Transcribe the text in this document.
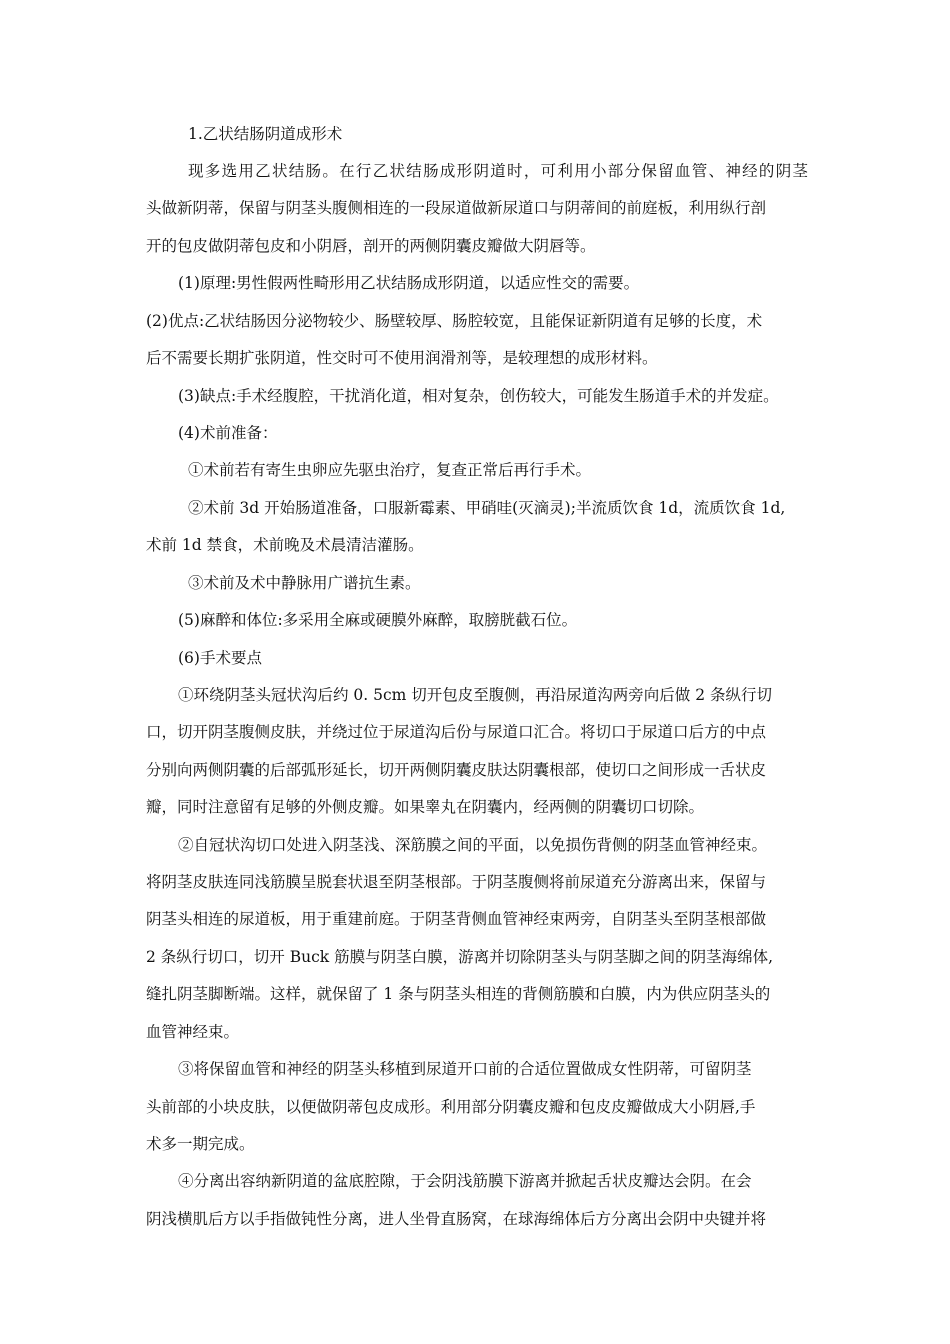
1.乙状结肠阴道成形术
现多选用乙状结肠。在行乙状结肠成形阴道时，可利用小部分保留血管、神经的阴茎
头做新阴蒂，保留与阴茎头腹侧相连的一段尿道做新尿道口与阴蒂间的前庭板，利用纵行剖
开的包皮做阴蒂包皮和小阴唇，剖开的两侧阴囊皮瓣做大阴唇等。
(1)原理:男性假两性畸形用乙状结肠成形阴道，以适应性交的需要。
(2)优点:乙状结肠因分泌物较少、肠壁较厚、肠腔较宽，且能保证新阴道有足够的长度，术
后不需要长期扩张阴道，性交时可不使用润滑剂等，是较理想的成形材料。
(3)缺点:手术经腹腔，干扰消化道，相对复杂，创伤较大，可能发生肠道手术的并发症。
(4)术前准备：
①术前若有寄生虫卵应先驱虫治疗，复查正常后再行手术。
②术前 3d 开始肠道准备，口服新霉素、甲硝哇(灭滴灵);半流质饮食 1d，流质饮食 1d,
术前 1d 禁食，术前晚及术晨清洁灌肠。
③术前及术中静脉用广谱抗生素。
(5)麻醉和体位:多采用全麻或硬膜外麻醉，取膀胱截石位。
(6)手术要点
①环绕阴茎头冠状沟后约 0. 5cm 切开包皮至腹侧，再沿尿道沟两旁向后做 2 条纵行切
口，切开阴茎腹侧皮肤，并绕过位于尿道沟后份与尿道口汇合。将切口于尿道口后方的中点
分别向两侧阴囊的后部弧形延长，切开两侧阴囊皮肤达阴囊根部，使切口之间形成一舌状皮
瓣，同时注意留有足够的外侧皮瓣。如果睾丸在阴囊内，经两侧的阴囊切口切除。
②自冠状沟切口处进入阴茎浅、深筋膜之间的平面，以免损伤背侧的阴茎血管神经束。
将阴茎皮肤连同浅筋膜呈脱套状退至阴茎根部。于阴茎腹侧将前尿道充分游离出来，保留与
阴茎头相连的尿道板，用于重建前庭。于阴茎背侧血管神经束两旁，自阴茎头至阴茎根部做
2 条纵行切口，切开 Buck 筋膜与阴茎白膜，游离并切除阴茎头与阴茎脚之间的阴茎海绵体,
缝扎阴茎脚断端。这样，就保留了 1 条与阴茎头相连的背侧筋膜和白膜，内为供应阴茎头的
血管神经束。
③将保留血管和神经的阴茎头移植到尿道开口前的合适位置做成女性阴蒂，可留阴茎
头前部的小块皮肤，以便做阴蒂包皮成形。利用部分阴囊皮瓣和包皮皮瓣做成大小阴唇,手
术多一期完成。
④分离出容纳新阴道的盆底腔隙，于会阴浅筋膜下游离并掀起舌状皮瓣达会阴。在会
阴浅横肌后方以手指做钝性分离，进人坐骨直肠窝，在球海绵体后方分离出会阴中央键并将
